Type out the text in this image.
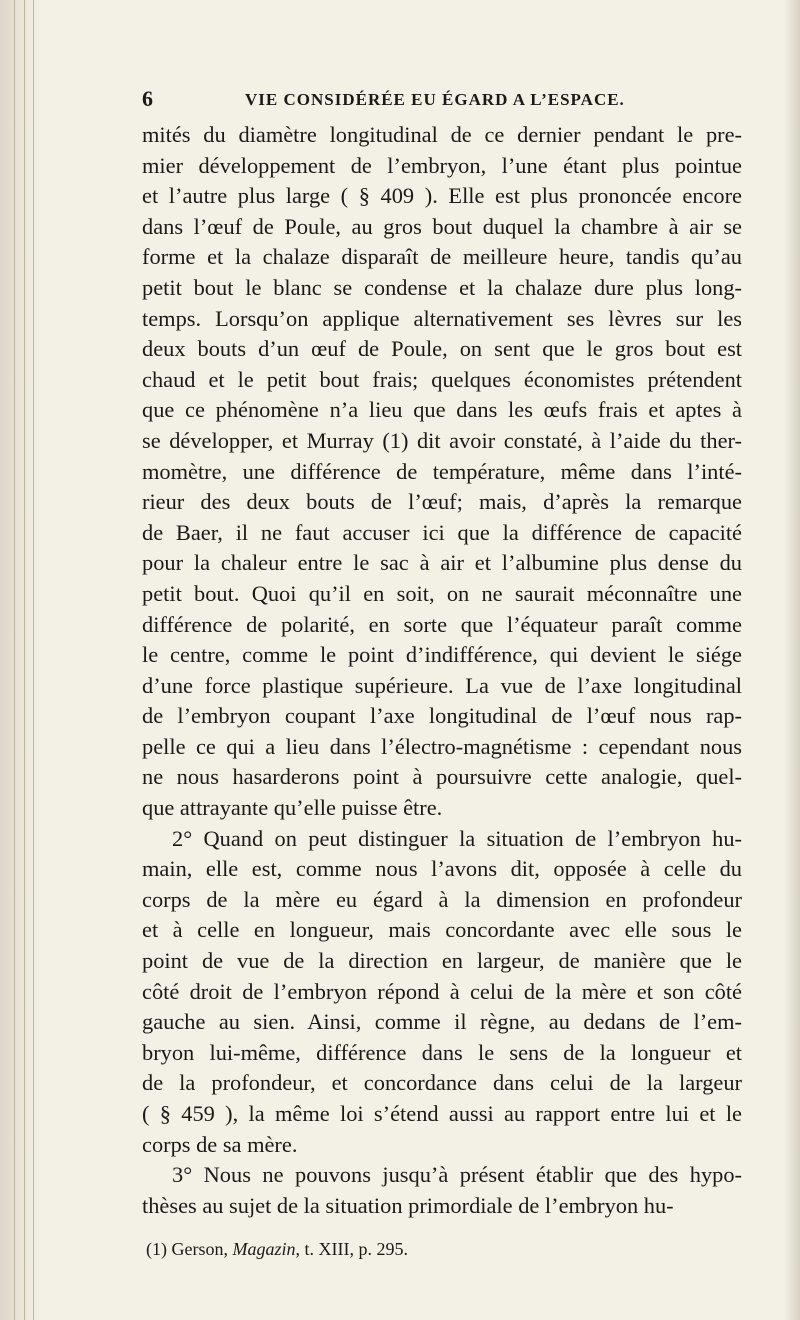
6	VIE CONSIDÉRÉE EU ÉGARD A L’ESPACE.
mités du diamètre longitudinal de ce dernier pendant le pre-
mier développement de l’embryon, l’une étant plus pointue
et l’autre plus large ( § 409 ). Elle est plus prononcée encore
dans l’œuf de Poule, au gros bout duquel la chambre à air se
forme et la chalaze disparaît de meilleure heure, tandis qu’au
petit bout le blanc se condense et la chalaze dure plus long-
temps. Lorsqu’on applique alternativement ses lèvres sur les
deux bouts d’un œuf de Poule, on sent que le gros bout est
chaud et le petit bout frais; quelques économistes prétendent
que ce phénomène n’a lieu que dans les œufs frais et aptes à
se développer, et Murray (1) dit avoir constaté, à l’aide du ther-
momètre, une différence de température, même dans l’inté-
rieur des deux bouts de l’œuf; mais, d’après la remarque
de Baer, il ne faut accuser ici que la différence de capacité
pour la chaleur entre le sac à air et l’albumine plus dense du
petit bout. Quoi qu’il en soit, on ne saurait méconnaître une
différence de polarité, en sorte que l’équateur paraît comme
le centre, comme le point d’indifférence, qui devient le siége
d’une force plastique supérieure. La vue de l’axe longitudinal
de l’embryon coupant l’axe longitudinal de l’œuf nous rap-
pelle ce qui a lieu dans l’électro-magnétisme : cependant nous
ne nous hasarderons point à poursuivre cette analogie, quel-
que attrayante qu’elle puisse être.
2° Quand on peut distinguer la situation de l’embryon hu-
main, elle est, comme nous l’avons dit, opposée à celle du
corps de la mère eu égard à la dimension en profondeur
et à celle en longueur, mais concordante avec elle sous le
point de vue de la direction en largeur, de manière que le
côté droit de l’embryon répond à celui de la mère et son côté
gauche au sien. Ainsi, comme il règne, au dedans de l’em-
bryon lui-même, différence dans le sens de la longueur et
de la profondeur, et concordance dans celui de la largeur
( § 459 ), la même loi s’étend aussi au rapport entre lui et le
corps de sa mère.
3° Nous ne pouvons jusqu’à présent établir que des hypo-
thèses au sujet de la situation primordiale de l’embryon hu-
(1) Gerson, Magazin, t. XIII, p. 295.
